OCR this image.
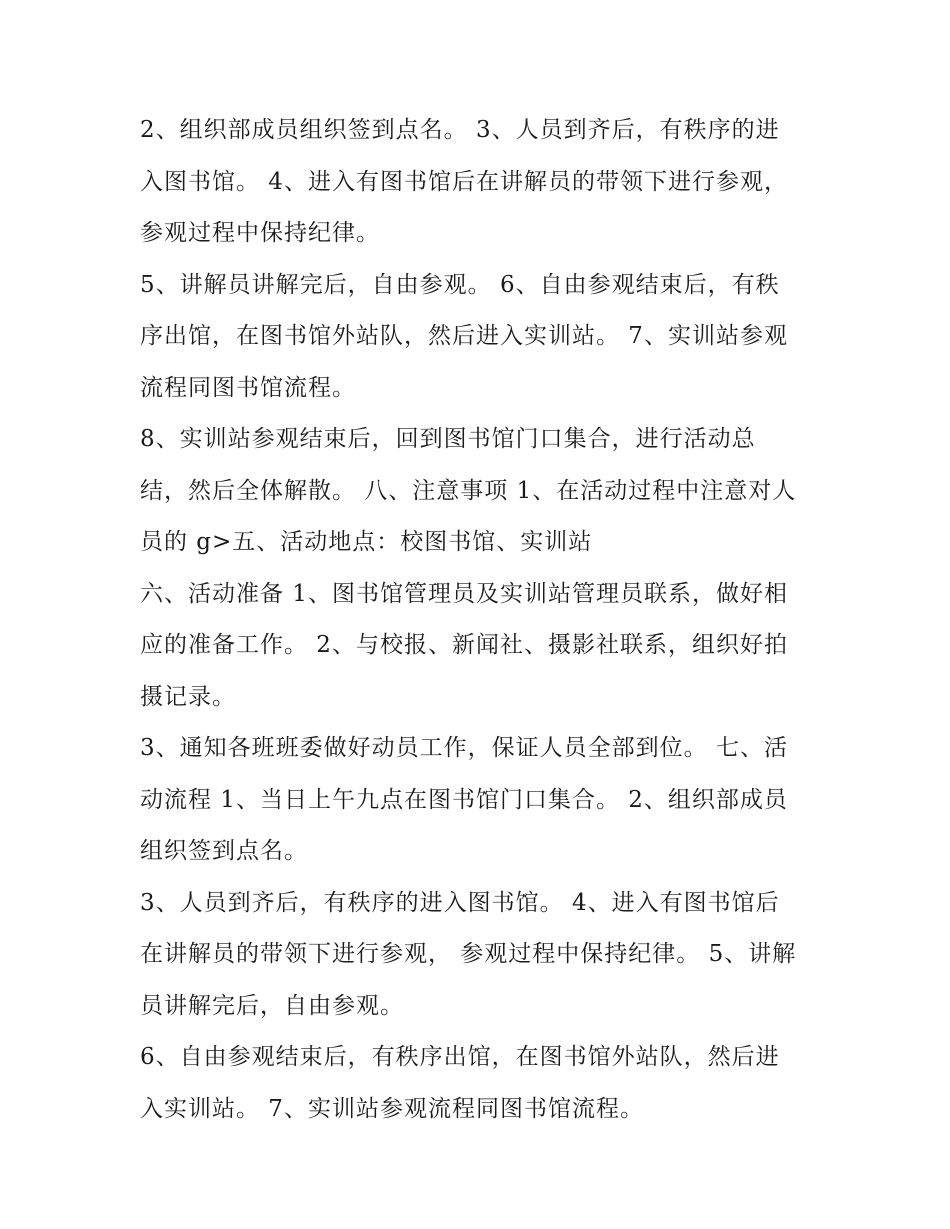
2、组织部成员组织签到点名。 3、人员到齐后，有秩序的进
入图书馆。 4、进入有图书馆后在讲解员的带领下进行参观，
参观过程中保持纪律。

5、讲解员讲解完后，自由参观。 6、自由参观结束后，有秩
序出馆，在图书馆外站队，然后进入实训站。 7、实训站参观
流程同图书馆流程。

8、实训站参观结束后，回到图书馆门口集合，进行活动总
结，然后全体解散。 八、注意事项 1、在活动过程中注意对人
员的 g>五、活动地点：校图书馆、实训站

六、活动准备 1、图书馆管理员及实训站管理员联系，做好相
应的准备工作。 2、与校报、新闻社、摄影社联系，组织好拍
摄记录。

3、通知各班班委做好动员工作，保证人员全部到位。 七、活
动流程 1、当日上午九点在图书馆门口集合。 2、组织部成员
组织签到点名。

3、人员到齐后，有秩序的进入图书馆。 4、进入有图书馆后
在讲解员的带领下进行参观， 参观过程中保持纪律。 5、讲解
员讲解完后，自由参观。

6、自由参观结束后，有秩序出馆，在图书馆外站队，然后进
入实训站。 7、实训站参观流程同图书馆流程。
